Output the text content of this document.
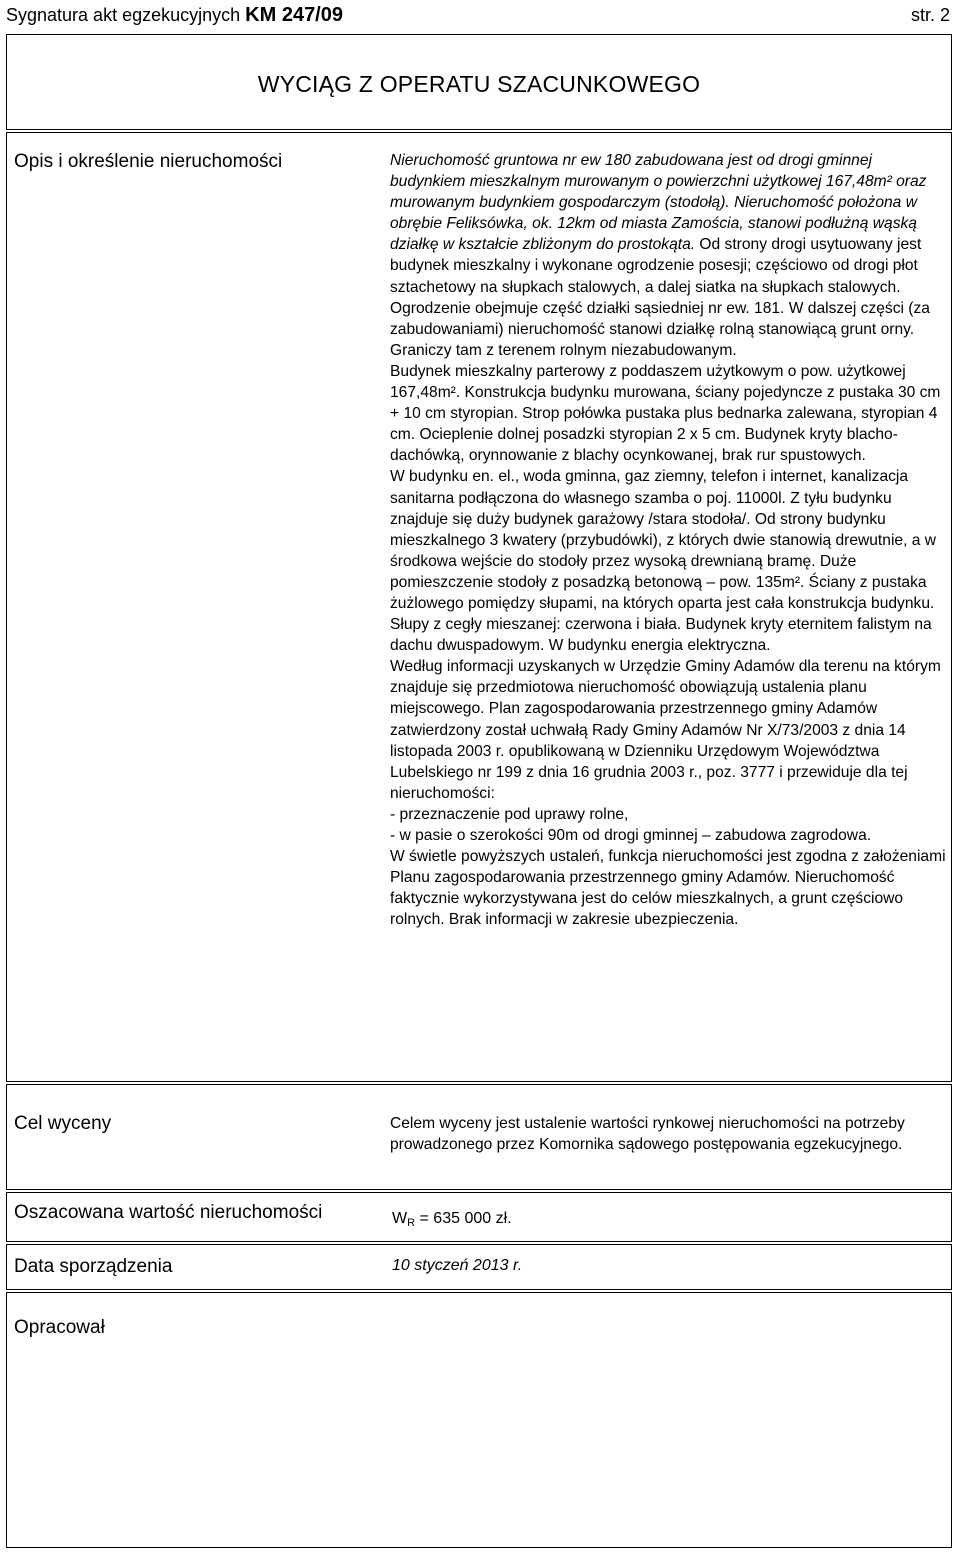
Sygnatura akt egzekucyjnych KM 247/09	str. 2
WYCIĄG Z OPERATU SZACUNKOWEGO
Opis i określenie nieruchomości	Nieruchomość gruntowa nr ew 180 zabudowana jest od drogi gminnej budynkiem mieszkalnym murowanym o powierzchni użytkowej 167,48m² oraz murowanym budynkiem gospodarczym (stodołą). Nieruchomość położona w obrębie Feliksówka, ok. 12km od miasta Zamościa, stanowi podłużną wąską działkę w kształcie zbliżonym do prostokąta. Od strony drogi usytuowany jest budynek mieszkalny i wykonane ogrodzenie posesji; częściowo od drogi płot sztachetowy na słupkach stalowych, a dalej siatka na słupkach stalowych. Ogrodzenie obejmuje część działki sąsiedniej nr ew. 181. W dalszej części (za zabudowaniami) nieruchomość stanowi działkę rolną stanowiącą grunt orny. Graniczy tam z terenem rolnym niezabudowanym.

Budynek mieszkalny parterowy z poddaszem użytkowym o pow. użytkowej 167,48m². Konstrukcja budynku murowana, ściany pojedyncze z pustaka 30 cm + 10 cm styropian. Strop połówka pustaka plus bednarka zalewana, styropian 4 cm. Ocieplenie dolnej posadzki styropian 2 x 5 cm. Budynek kryty blacho-dachówką, orynnowanie z blachy ocynkowanej, brak rur spustowych.

W budynku en. el., woda gminna, gaz ziemny, telefon i internet, kanalizacja sanitarna podłączona do własnego szamba o poj. 11000l. Z tyłu budynku znajduje się duży budynek garażowy /stara stodoła/. Od strony budynku mieszkalnego 3 kwatery (przybudówki), z których dwie stanowią drewutnie, a w środkowa wejście do stodoły przez wysoką drewnianą bramę. Duże pomieszczenie stodoły z posadzką betonową – pow. 135m². Ściany z pustaka żużlowego pomiędzy słupami, na których oparta jest cała konstrukcja budynku. Słupy z cegły mieszanej: czerwona i biała. Budynek kryty eternitem falistym na dachu dwuspadowym. W budynku energia elektryczna.

Według informacji uzyskanych w Urzędzie Gminy Adamów dla terenu na którym znajduje się przedmiotowa nieruchomość obowiązują ustalenia planu miejscowego. Plan zagospodarowania przestrzennego gminy Adamów zatwierdzony został uchwałą Rady Gminy Adamów Nr X/73/2003 z dnia 14 listopada 2003 r. opublikowaną w Dzienniku Urzędowym Województwa Lubelskiego nr 199 z dnia 16 grudnia 2003 r., poz. 3777 i przewiduje dla tej nieruchomości:

- przeznaczenie pod uprawy rolne,

- w pasie o szerokości 90m od drogi gminnej – zabudowa zagrodowa.

W świetle powyższych ustaleń, funkcja nieruchomości jest zgodna z założeniami Planu zagospodarowania przestrzennego gminy Adamów. Nieruchomość faktycznie wykorzystywana jest do celów mieszkalnych, a grunt częściowo rolnych. Brak informacji w zakresie ubezpieczenia.

Cel wyceny	Celem wyceny jest ustalenie wartości rynkowej nieruchomości na potrzeby prowadzonego przez Komornika sądowego postępowania egzekucyjnego.

Oszacowana wartość nieruchomości	$W_R = 635$ 000 zł.
Data sporządzenia	10 styczeń 2013 r.
Opracował
